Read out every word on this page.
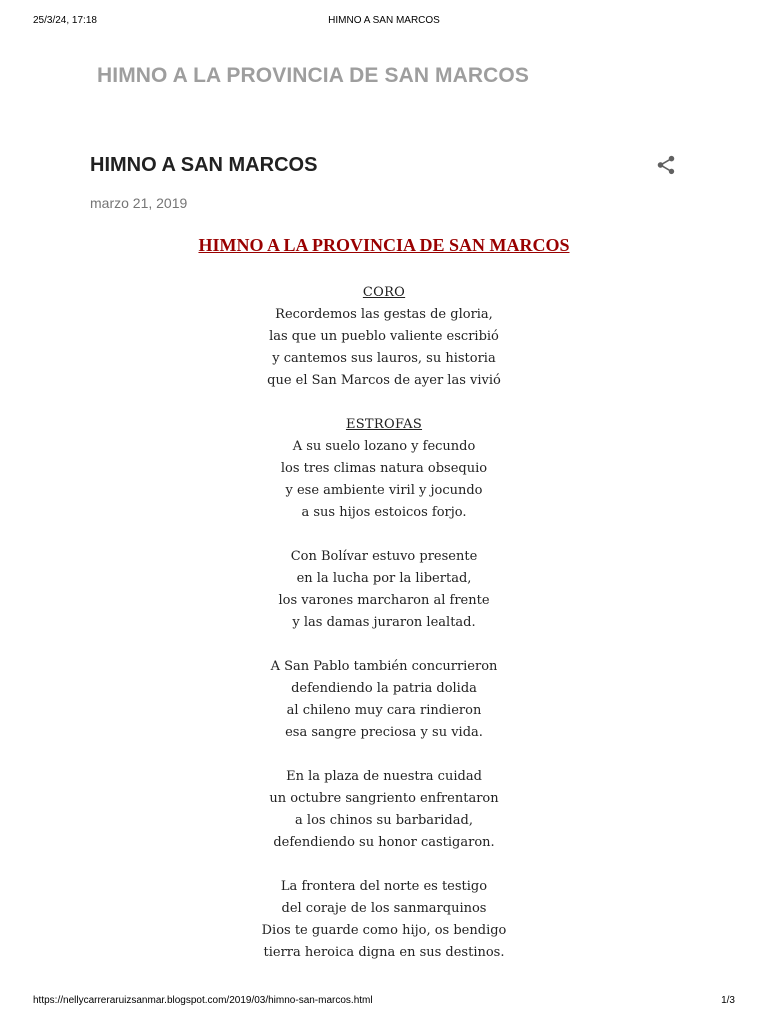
25/3/24, 17:18	HIMNO A SAN MARCOS
HIMNO A LA PROVINCIA DE SAN MARCOS
HIMNO A SAN MARCOS
marzo 21, 2019
HIMNO A LA PROVINCIA DE SAN MARCOS
CORO
Recordemos las gestas de gloria,
las que un pueblo valiente escribió
y cantemos sus lauros, su historia
que el San Marcos de ayer las vivió
ESTROFAS
A su suelo lozano y fecundo
los tres climas natura obsequio
y ese ambiente viril y jocundo
a sus hijos estoicos forjo.
Con Bolívar estuvo presente
en la lucha por la libertad,
los varones marcharon al frente
y las damas juraron lealtad.
A San Pablo también concurrieron
defendiendo la patria dolida
al chileno muy cara rindieron
esa sangre preciosa y su vida.
En la plaza de nuestra cuidad
un octubre sangriento enfrentaron
a los chinos su barbaridad,
defendiendo su honor castigaron.
La frontera del norte es testigo
del coraje de los sanmarquinos
Dios te guarde como hijo, os bendigo
tierra heroica digna en sus destinos.
https://nellycarreraruizsanmar.blogspot.com/2019/03/himno-san-marcos.html	1/3
